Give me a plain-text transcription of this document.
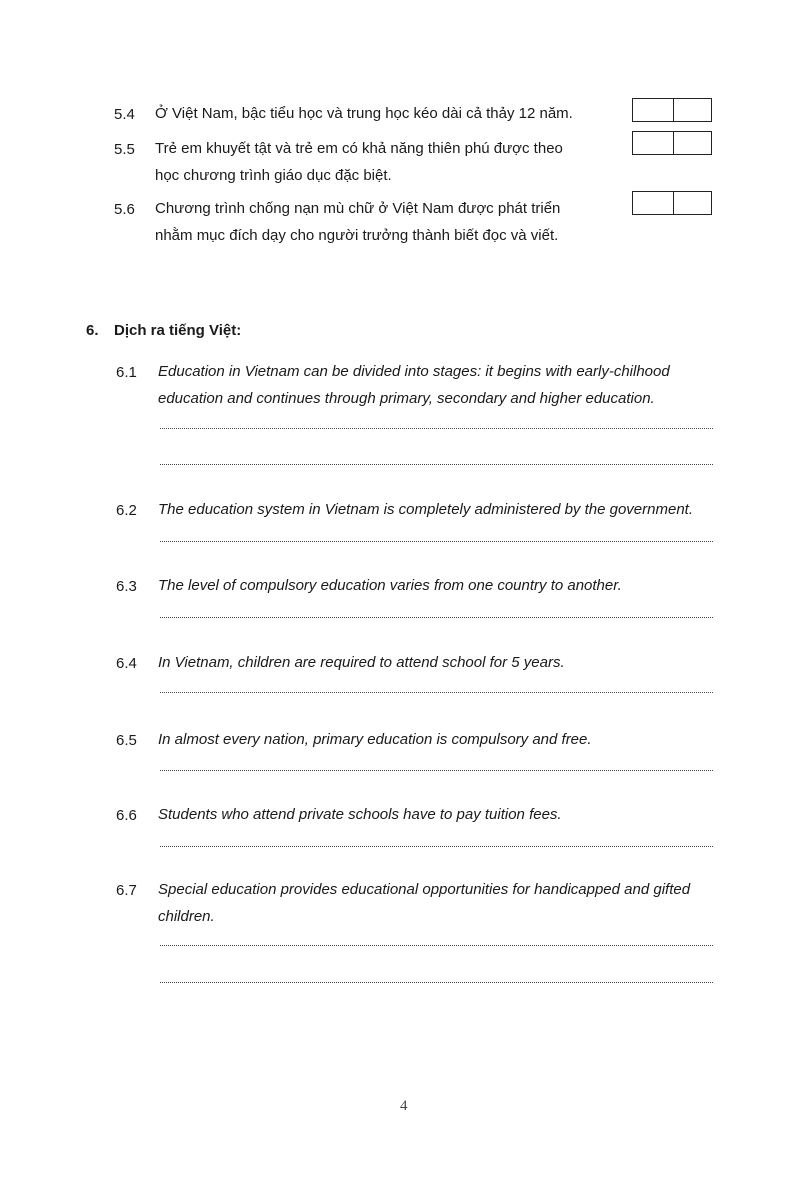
5.4 Ở Việt Nam, bậc tiểu học và trung học kéo dài cả thảy 12 năm.
5.5 Trẻ em khuyết tật và trẻ em có khả năng thiên phú được theo học chương trình giáo dục đặc biệt.
5.6 Chương trình chống nạn mù chữ ở Việt Nam được phát triển nhằm mục đích dạy cho người trưởng thành biết đọc và viết.
6. Dịch ra tiếng Việt:
6.1 Education in Vietnam can be divided into stages: it begins with early-chilhood education and continues through primary, secondary and higher education.
6.2 The education system in Vietnam is completely administered by the government.
6.3 The level of compulsory education varies from one country to another.
6.4 In Vietnam, children are required to attend school for 5 years.
6.5 In almost every nation, primary education is compulsory and free.
6.6 Students who attend private schools have to pay tuition fees.
6.7 Special education provides educational opportunities for handicapped and gifted children.
4
